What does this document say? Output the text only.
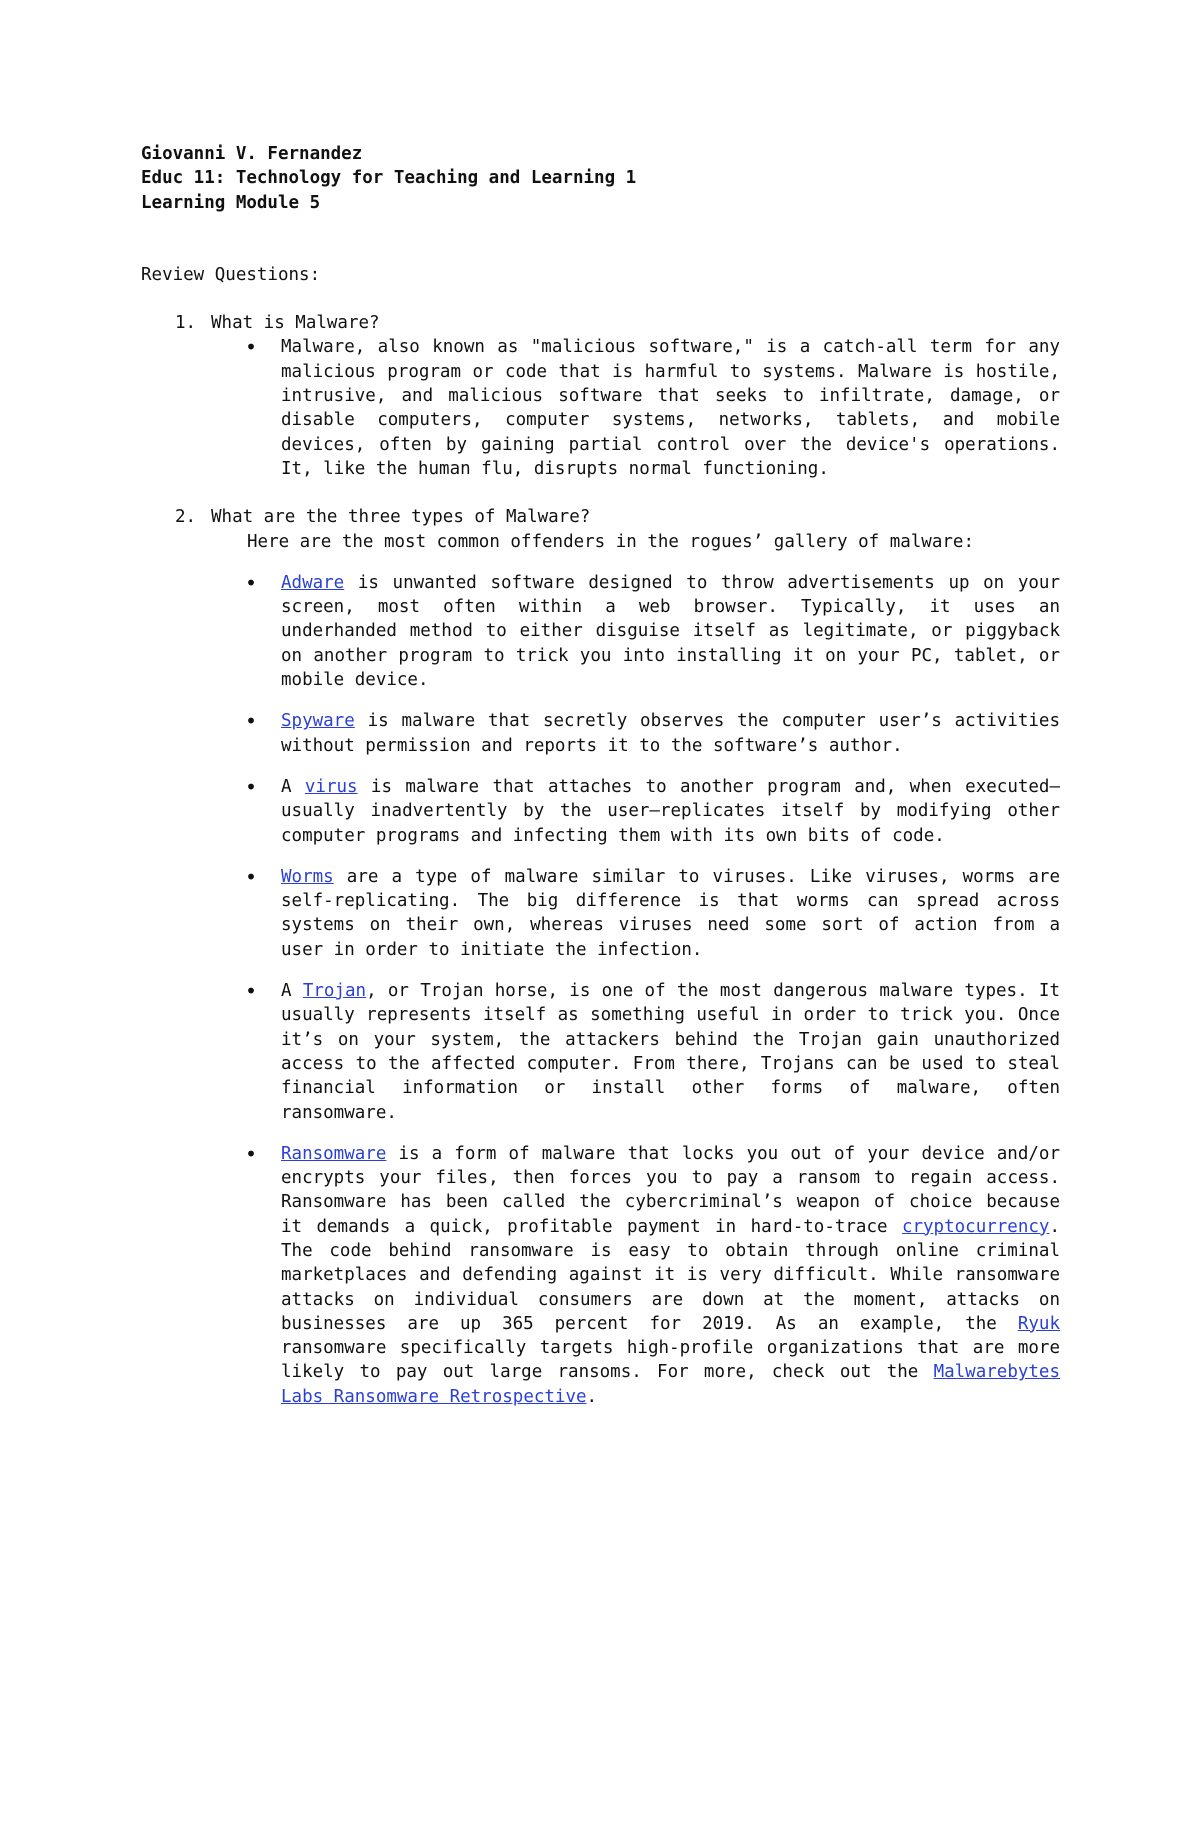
Giovanni V. Fernandez
Educ 11: Technology for Teaching and Learning 1
Learning Module 5
Review Questions:
1. What is Malware?
• Malware, also known as "malicious software," is a catch-all term for any malicious program or code that is harmful to systems. Malware is hostile, intrusive, and malicious software that seeks to infiltrate, damage, or disable computers, computer systems, networks, tablets, and mobile devices, often by gaining partial control over the device's operations. It, like the human flu, disrupts normal functioning.
2. What are the three types of Malware?
Here are the most common offenders in the rogues’ gallery of malware:
• Adware is unwanted software designed to throw advertisements up on your screen, most often within a web browser. Typically, it uses an underhanded method to either disguise itself as legitimate, or piggyback on another program to trick you into installing it on your PC, tablet, or mobile device.
• Spyware is malware that secretly observes the computer user’s activities without permission and reports it to the software’s author.
• A virus is malware that attaches to another program and, when executed—usually inadvertently by the user—replicates itself by modifying other computer programs and infecting them with its own bits of code.
• Worms are a type of malware similar to viruses. Like viruses, worms are self-replicating. The big difference is that worms can spread across systems on their own, whereas viruses need some sort of action from a user in order to initiate the infection.
• A Trojan, or Trojan horse, is one of the most dangerous malware types. It usually represents itself as something useful in order to trick you. Once it’s on your system, the attackers behind the Trojan gain unauthorized access to the affected computer. From there, Trojans can be used to steal financial information or install other forms of malware, often ransomware.
• Ransomware is a form of malware that locks you out of your device and/or encrypts your files, then forces you to pay a ransom to regain access. Ransomware has been called the cybercriminal’s weapon of choice because it demands a quick, profitable payment in hard-to-trace cryptocurrency. The code behind ransomware is easy to obtain through online criminal marketplaces and defending against it is very difficult. While ransomware attacks on individual consumers are down at the moment, attacks on businesses are up 365 percent for 2019. As an example, the Ryuk ransomware specifically targets high-profile organizations that are more likely to pay out large ransoms. For more, check out the Malwarebytes Labs Ransomware Retrospective.
